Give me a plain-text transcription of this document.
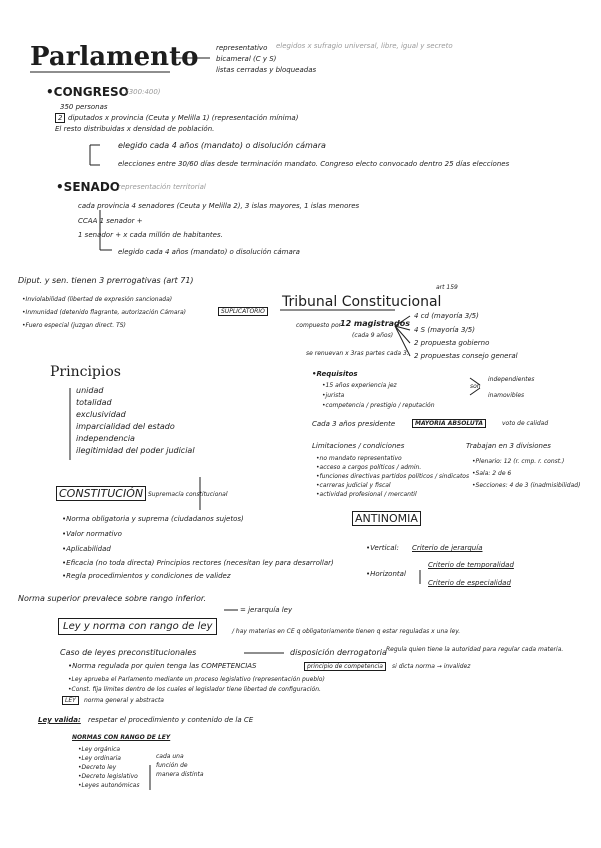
Parlamento	representativo elegidos x sufragio universal, libre, igual y secreto
bicameral (C y S)
listas cerradas y bloqueadas
• CONGRESO
(300:400)
350 personas
2 diputados x provincia (Ceuta y Melilla 1) (representación mínima)
El resto distribuidas x densidad de población.
elegido cada 4 años (mandato) o disolución cámara
elecciones entre 30/60 días desde terminación mandato. Congreso electo convocado dentro 25 días elecciones
• SENADO
representación territorial
cada provincia 4 senadores (Ceuta y Melilla 2), 3 islas mayores, 1 islas menores
CCAA 1 senador +
1 senador + x cada millón de habitantes.
elegido cada 4 años (mandato) o disolución cámara
Diput. y sen. tienen 3 prerrogativas (art 71)
• Inviolabilidad (libertad de expresión sancionada)
• Inmunidad (detenido flagrante, autorización Cámara)
• Fuero especial (juzgan direct. TS)
SUPLICATORIO
Tribunal Constitucional
art 159
compuesto por
12 magistrados
(cada 9 años)
4 cd (mayoría 3/5)
4 S (mayoría 3/5)
2 propuesta gobierno
2 propuestas consejo general
se renuevan x 3ras partes cada 3.
• Requisitos
• 15 años experiencia jez
• jurista
• competencia / prestigio / reputación
son
independientes
inamovibles
Cada 3 años presidente	MAYORÍA ABSOLUTA	voto de calidad
Limitaciones / condiciones
• no mandato representativo
• acceso a cargos políticos / admin.
• funciones directivas partidos políticos / sindicatos
• carreras judicial y fiscal
• actividad profesional / mercantil
Trabajan en 3 divisiones
• Plenario: 12 (r. cmp. r. const.)
• Sala: 2 de 6
• Secciones: 4 de 3 (inadmisibilidad)
Principios
unidad
totalidad
exclusividad
imparcialidad del estado
independencia
ilegitimidad del poder judicial
CONSTITUCIÓN Supremacía constitucional
• Norma obligatoria y suprema (ciudadanos sujetos)
• Valor normativo
• Aplicabilidad
• Eficacia (no toda directa) Principios rectores (necesitan ley para desarrollar)
• Regla procedimientos y condiciones de validez
ANTINOMIA
• Vertical: Criterio de jerarquía
• Horizontal
Criterio de temporalidad
Criterio de especialidad
Norma superior prevalece sobre rango inferior.
= jerarquía ley
Ley y norma con rango de ley	/ hay materias en CE q obligatoriamente tienen q estar reguladas x una ley.
Caso de leyes preconstitucionales	disposición derrogatoria Regula quien tiene la autoridad para regular cada materia.
• Norma regulada por quien tenga las COMPETENCIAS	principio de competencia	si dicta norma → invalidez
• Ley aprueba el Parlamento mediante un proceso legislativo (representación pueblo)
• Const. fija límites dentro de los cuales el legislador tiene libertad de configuración.
LEY	norma general y abstracta
Ley valida: respetar el procedimiento y contenido de la CE
NORMAS CON RANGO DE LEY
• Ley orgánica
• Ley ordinaria
• Decreto ley
• Decreto legislativo
• Leyes autonómicas
cada una
función de
manera distinta
